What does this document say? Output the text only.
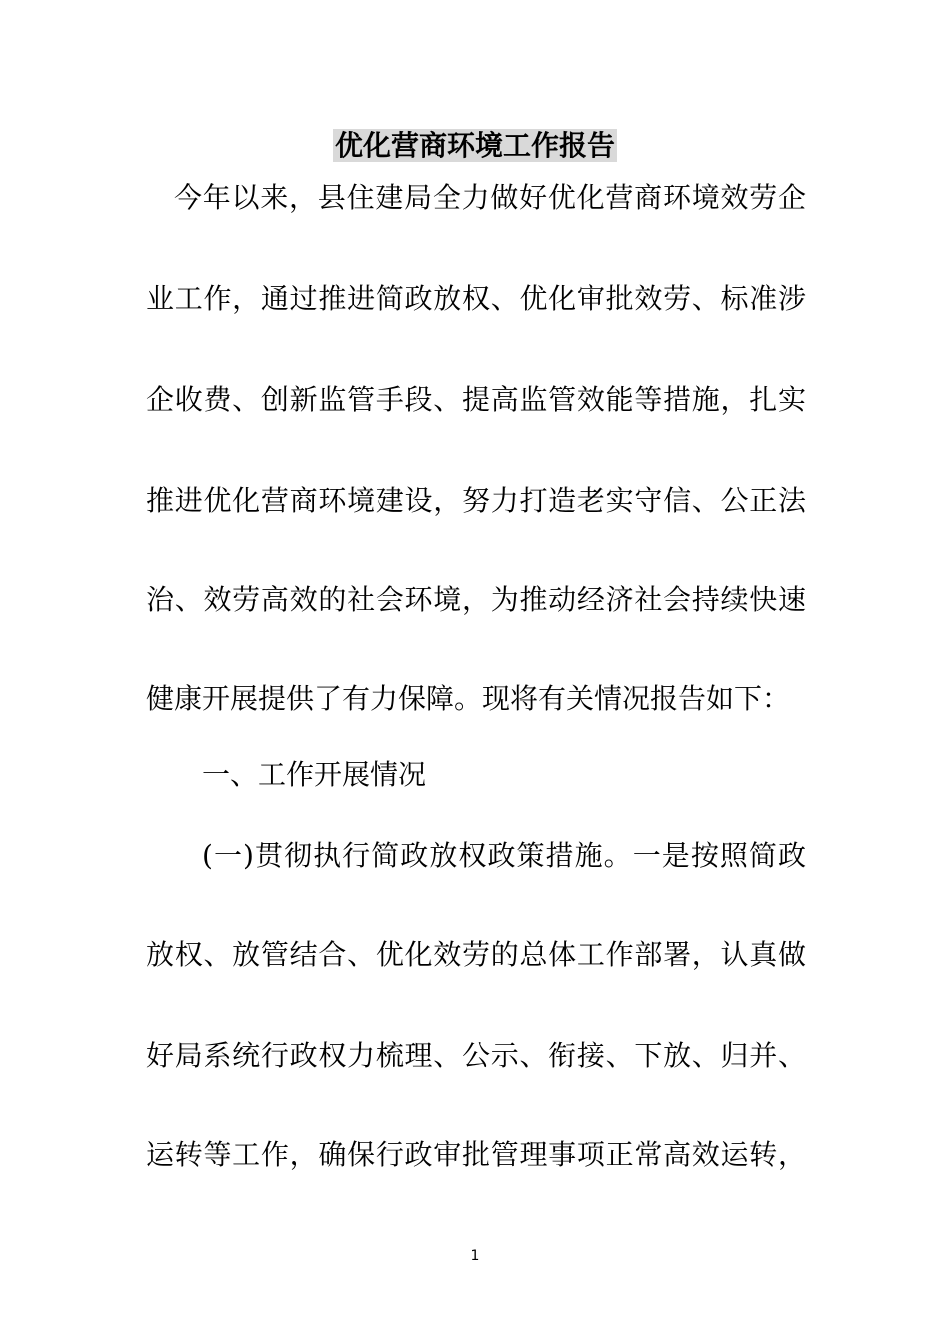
优化营商环境工作报告
今年以来，县住建局全力做好优化营商环境效劳企
业工作，通过推进简政放权、优化审批效劳、标准涉
企收费、创新监管手段、提高监管效能等措施，扎实
推进优化营商环境建设，努力打造老实守信、公正法
治、效劳高效的社会环境，为推动经济社会持续快速
健康开展提供了有力保障。现将有关情况报告如下：
一、工作开展情况
(一)贯彻执行简政放权政策措施。一是按照简政
放权、放管结合、优化效劳的总体工作部署，认真做
好局系统行政权力梳理、公示、衔接、下放、归并、
运转等工作，确保行政审批管理事项正常高效运转，
1
